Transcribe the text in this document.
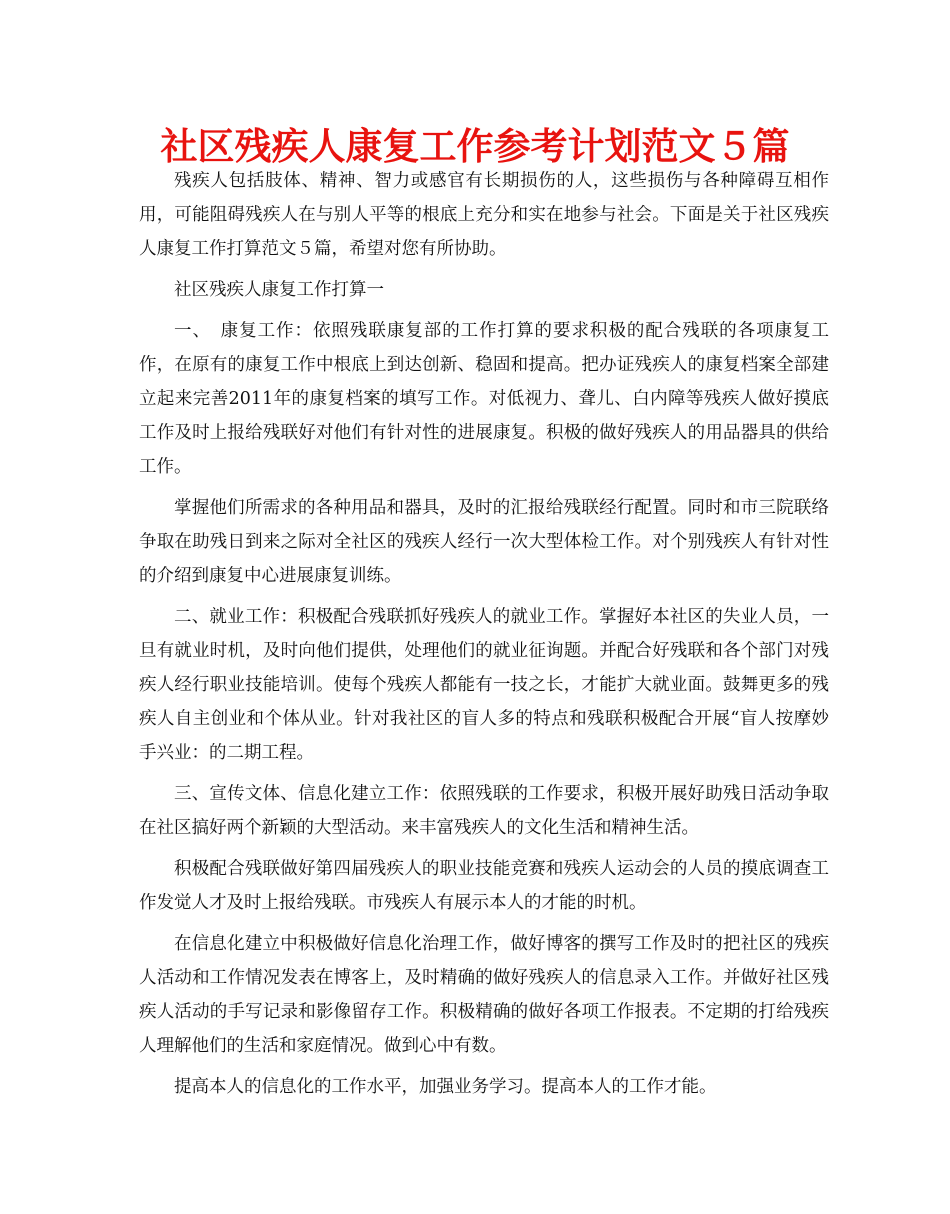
社区残疾人康复工作参考计划范文５篇

残疾人包括肢体、精神、智力或感官有长期损伤的人，这些损伤与各种障碍互相作用，可能阻碍残疾人在与别人平等的根底上充分和实在地参与社会。下面是关于社区残疾人康复工作打算范文５篇，希望对您有所协助。

社区残疾人康复工作打算一

一、　康复工作：依照残联康复部的工作打算的要求积极的配合残联的各项康复工作，在原有的康复工作中根底上到达创新、稳固和提高。把办证残疾人的康复档案全部建立起来完善2011年的康复档案的填写工作。对低视力、聋儿、白内障等残疾人做好摸底工作及时上报给残联好对他们有针对性的进展康复。积极的做好残疾人的用品器具的供给工作。

掌握他们所需求的各种用品和器具，及时的汇报给残联经行配置。同时和市三院联络争取在助残日到来之际对全社区的残疾人经行一次大型体检工作。对个别残疾人有针对性的介绍到康复中心进展康复训练。

二、就业工作：积极配合残联抓好残疾人的就业工作。掌握好本社区的失业人员，一旦有就业时机，及时向他们提供，处理他们的就业征询题。并配合好残联和各个部门对残疾人经行职业技能培训。使每个残疾人都能有一技之长，才能扩大就业面。鼓舞更多的残疾人自主创业和个体从业。针对我社区的盲人多的特点和残联积极配合开展“盲人按摩妙手兴业：的二期工程。

三、宣传文体、信息化建立工作：依照残联的工作要求，积极开展好助残日活动争取在社区搞好两个新颖的大型活动。来丰富残疾人的文化生活和精神生活。

积极配合残联做好第四届残疾人的职业技能竞赛和残疾人运动会的人员的摸底调查工作发觉人才及时上报给残联。市残疾人有展示本人的才能的时机。

在信息化建立中积极做好信息化治理工作，做好博客的撰写工作及时的把社区的残疾人活动和工作情况发表在博客上，及时精确的做好残疾人的信息录入工作。并做好社区残疾人活动的手写记录和影像留存工作。积极精确的做好各项工作报表。不定期的打给残疾人理解他们的生活和家庭情况。做到心中有数。

提高本人的信息化的工作水平，加强业务学习。提高本人的工作才能。
